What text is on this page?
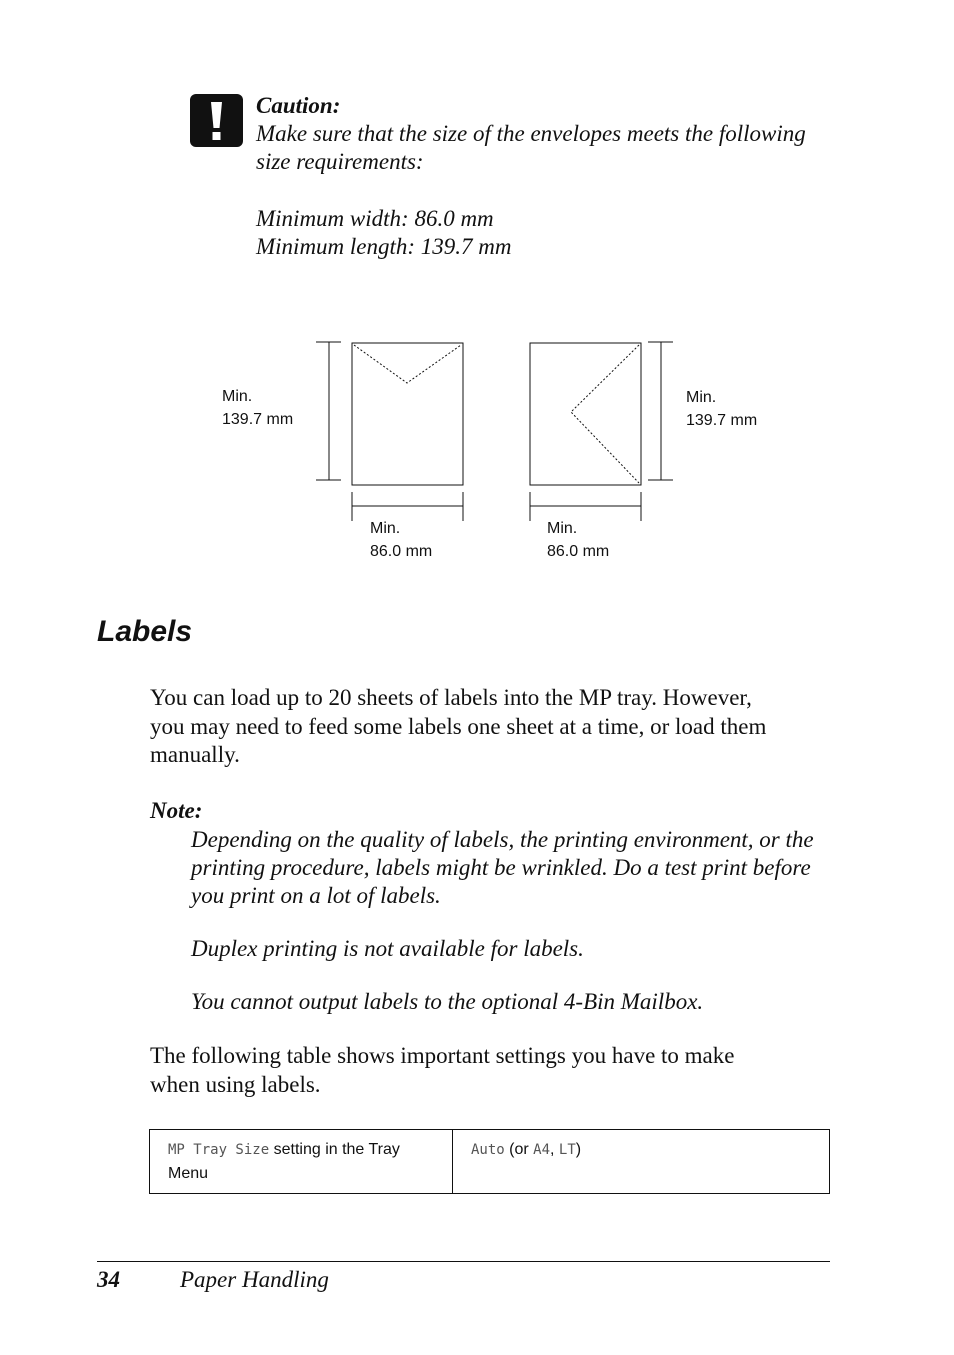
Caution:
Make sure that the size of the envelopes meets the following
size requirements:
Minimum width: 86.0 mm
Minimum length: 139.7 mm
Min.
139.7 mm
Min.
139.7 mm
Min.
86.0 mm
Min.
86.0 mm
Labels
You can load up to 20 sheets of labels into the MP tray. However,
you may need to feed some labels one sheet at a time, or load them
manually.
Note:
Depending on the quality of labels, the printing environment, or the
printing procedure, labels might be wrinkled. Do a test print before
you print on a lot of labels.
Duplex printing is not available for labels.
You cannot output labels to the optional 4-Bin Mailbox.
The following table shows important settings you have to make
when using labels.
MP Tray Size setting in the Tray
Menu
Auto (or A4, LT)
34	Paper Handling
